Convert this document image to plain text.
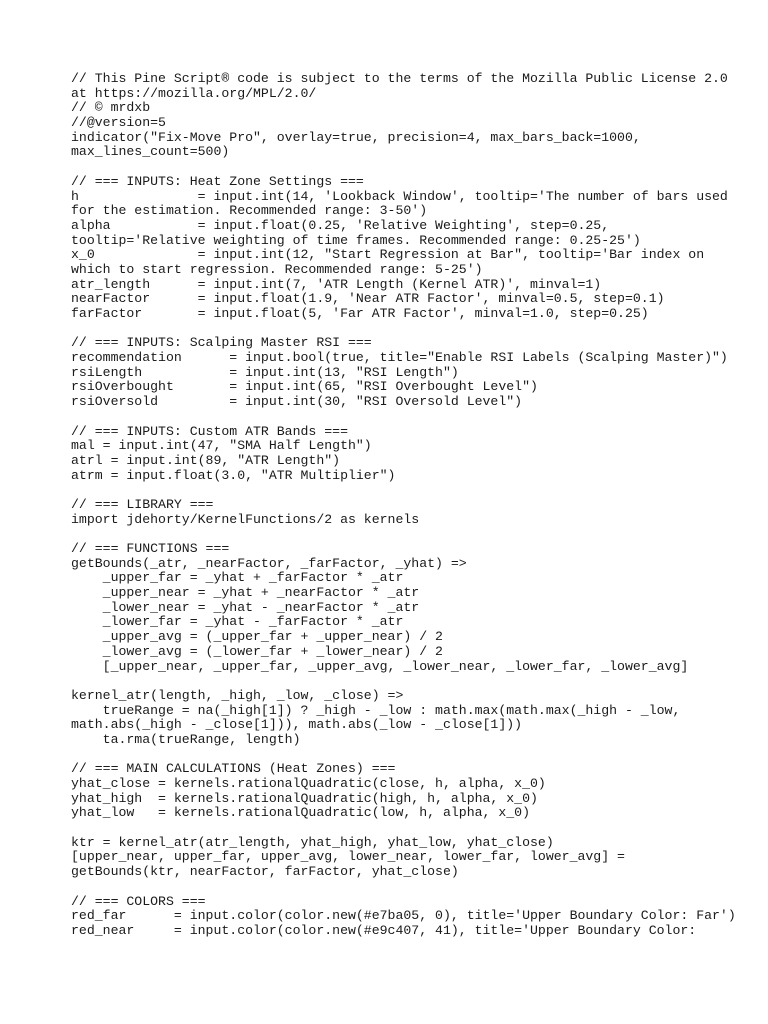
// This Pine Script® code is subject to the terms of the Mozilla Public License 2.0
at https://mozilla.org/MPL/2.0/
// © mrdxb
//@version=5
indicator("Fix-Move Pro", overlay=true, precision=4, max_bars_back=1000,
max_lines_count=500)
// === INPUTS: Heat Zone Settings ===
h               = input.int(14, 'Lookback Window', tooltip='The number of bars used
for the estimation. Recommended range: 3-50')
alpha           = input.float(0.25, 'Relative Weighting', step=0.25,
tooltip='Relative weighting of time frames. Recommended range: 0.25-25')
x_0             = input.int(12, "Start Regression at Bar", tooltip='Bar index on
which to start regression. Recommended range: 5-25')
atr_length      = input.int(7, 'ATR Length (Kernel ATR)', minval=1)
nearFactor      = input.float(1.9, 'Near ATR Factor', minval=0.5, step=0.1)
farFactor       = input.float(5, 'Far ATR Factor', minval=1.0, step=0.25)
// === INPUTS: Scalping Master RSI ===
recommendation      = input.bool(true, title="Enable RSI Labels (Scalping Master)")
rsiLength           = input.int(13, "RSI Length")
rsiOverbought       = input.int(65, "RSI Overbought Level")
rsiOversold         = input.int(30, "RSI Oversold Level")
// === INPUTS: Custom ATR Bands ===
mal = input.int(47, "SMA Half Length")
atrl = input.int(89, "ATR Length")
atrm = input.float(3.0, "ATR Multiplier")
// === LIBRARY ===
import jdehorty/KernelFunctions/2 as kernels
// === FUNCTIONS ===
getBounds(_atr, _nearFactor, _farFactor, _yhat) =>
_upper_far = _yhat + _farFactor * _atr
_upper_near = _yhat + _nearFactor * _atr
_lower_near = _yhat - _nearFactor * _atr
_lower_far = _yhat - _farFactor * _atr
_upper_avg = (_upper_far + _upper_near) / 2
_lower_avg = (_lower_far + _lower_near) / 2
[_upper_near, _upper_far, _upper_avg, _lower_near, _lower_far, _lower_avg]
kernel_atr(length, _high, _low, _close) =>
trueRange = na(_high[1]) ? _high - _low : math.max(math.max(_high - _low,
math.abs(_high - _close[1])), math.abs(_low - _close[1]))
ta.rma(trueRange, length)
// === MAIN CALCULATIONS (Heat Zones) ===
yhat_close = kernels.rationalQuadratic(close, h, alpha, x_0)
yhat_high  = kernels.rationalQuadratic(high, h, alpha, x_0)
yhat_low   = kernels.rationalQuadratic(low, h, alpha, x_0)
ktr = kernel_atr(atr_length, yhat_high, yhat_low, yhat_close)
[upper_near, upper_far, upper_avg, lower_near, lower_far, lower_avg] =
getBounds(ktr, nearFactor, farFactor, yhat_close)
// === COLORS ===
red_far      = input.color(color.new(#e7ba05, 0), title='Upper Boundary Color: Far')
red_near     = input.color(color.new(#e9c407, 41), title='Upper Boundary Color:
